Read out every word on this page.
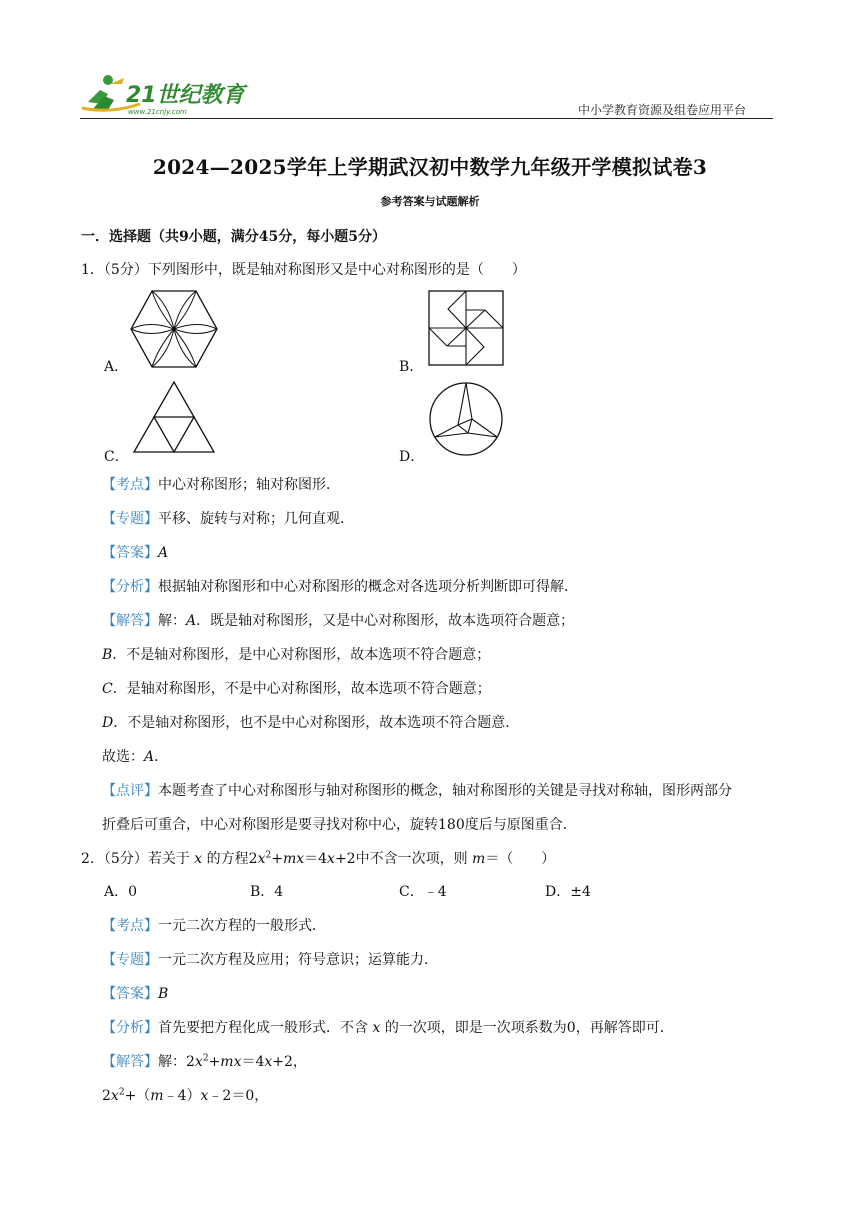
21世纪教育
www.21cnjy.com	中小学教育资源及组卷应用平台
2024—2025学年上学期武汉初中数学九年级开学模拟试卷3
参考答案与试题解析
一．选择题（共9小题，满分45分，每小题5分）
1．（5分）下列图形中，既是轴对称图形又是中心对称图形的是（　　）
A．	B．
C．	D．
【考点】中心对称图形；轴对称图形．
【专题】平移、旋转与对称；几何直观．
【答案】A
【分析】根据轴对称图形和中心对称图形的概念对各选项分析判断即可得解．
【解答】解：A．既是轴对称图形，又是中心对称图形，故本选项符合题意；
B．不是轴对称图形，是中心对称图形，故本选项不符合题意；
C．是轴对称图形，不是中心对称图形，故本选项不符合题意；
D．不是轴对称图形，也不是中心对称图形，故本选项不符合题意．
故选：A．
【点评】本题考查了中心对称图形与轴对称图形的概念，轴对称图形的关键是寻找对称轴，图形两部分
折叠后可重合，中心对称图形是要寻找对称中心，旋转180度后与原图重合．
2．（5分）若关于 x 的方程$2x^2+mx=4x+2$中不含一次项，则 m＝（　　）
A．0	B．4	C．﹣4	D．±4
【考点】一元二次方程的一般形式．
【专题】一元二次方程及应用；符号意识；运算能力．
【答案】B
【分析】首先要把方程化成一般形式．不含 x 的一次项，即是一次项系数为0，再解答即可．
【解答】解：$2x^2+mx=4x+2$，
$2x^2+(m﹣4)x﹣2=0$，
